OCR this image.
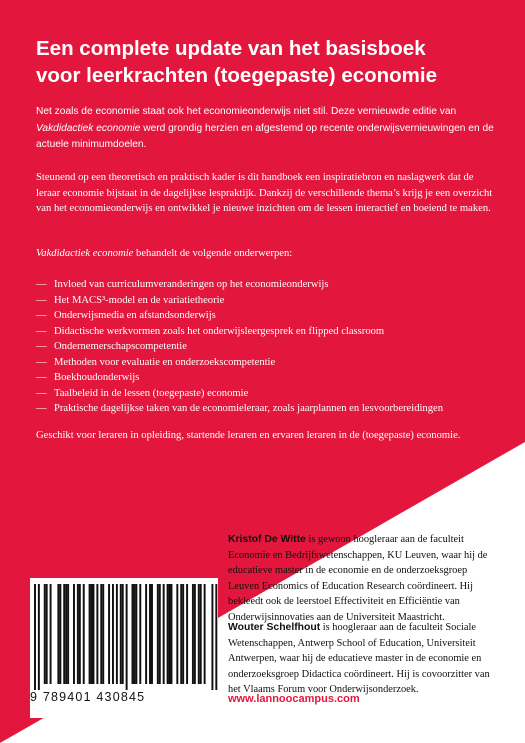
Een complete update van het basisboek
voor leerkrachten (toegepaste) economie
Net zoals de economie staat ook het economieonderwijs niet stil. Deze vernieuwde editie van Vakdidactiek economie werd grondig herzien en afgestemd op recente onderwijsvernieuwingen en de actuele minimumdoelen.
Steunend op een theoretisch en praktisch kader is dit handboek een inspiratiebron en naslagwerk dat de leraar economie bijstaat in de dagelijkse lespraktijk. Dankzij de verschillende thema’s krijg je een overzicht van het economieonderwijs en ontwikkel je nieuwe inzichten om de lessen interactief en boeiend te maken.
Vakdidactiek economie behandelt de volgende onderwerpen:
— Invloed van curriculumveranderingen op het economieonderwijs
— Het MACS³-model en de variatietheorie
— Onderwijsmedia en afstandsonderwijs
— Didactische werkvormen zoals het onderwijsleergesprek en flipped classroom
— Ondernemerschapscompetentie
— Methoden voor evaluatie en onderzoekscompetentie
— Boekhoudonderwijs
— Taalbeleid in de lessen (toegepaste) economie
— Praktische dagelijkse taken van de economieleraar, zoals jaarplannen en lesvoorbereidingen
Geschikt voor leraren in opleiding, startende leraren en ervaren leraren in de (toegepaste) economie.
9 789401 430845
Kristof De Witte is gewoon hoogleraar aan de faculteit Economie en Bedrijfswetenschappen, KU Leuven, waar hij de educatieve master in de economie en de onderzoeksgroep Leuven Economics of Education Research coördineert. Hij bekleedt ook de leerstoel Effectiviteit en Efficiëntie van Onderwijsinnovaties aan de Universiteit Maastricht.
Wouter Schelfhout is hoogleraar aan de faculteit Sociale Wetenschappen, Antwerp School of Education, Universiteit Antwerpen, waar hij de educatieve master in de economie en onderzoeksgroep Didactica coördineert. Hij is covoorzitter van het Vlaams Forum voor Onderwijsonderzoek.
www.lannoocampus.com
